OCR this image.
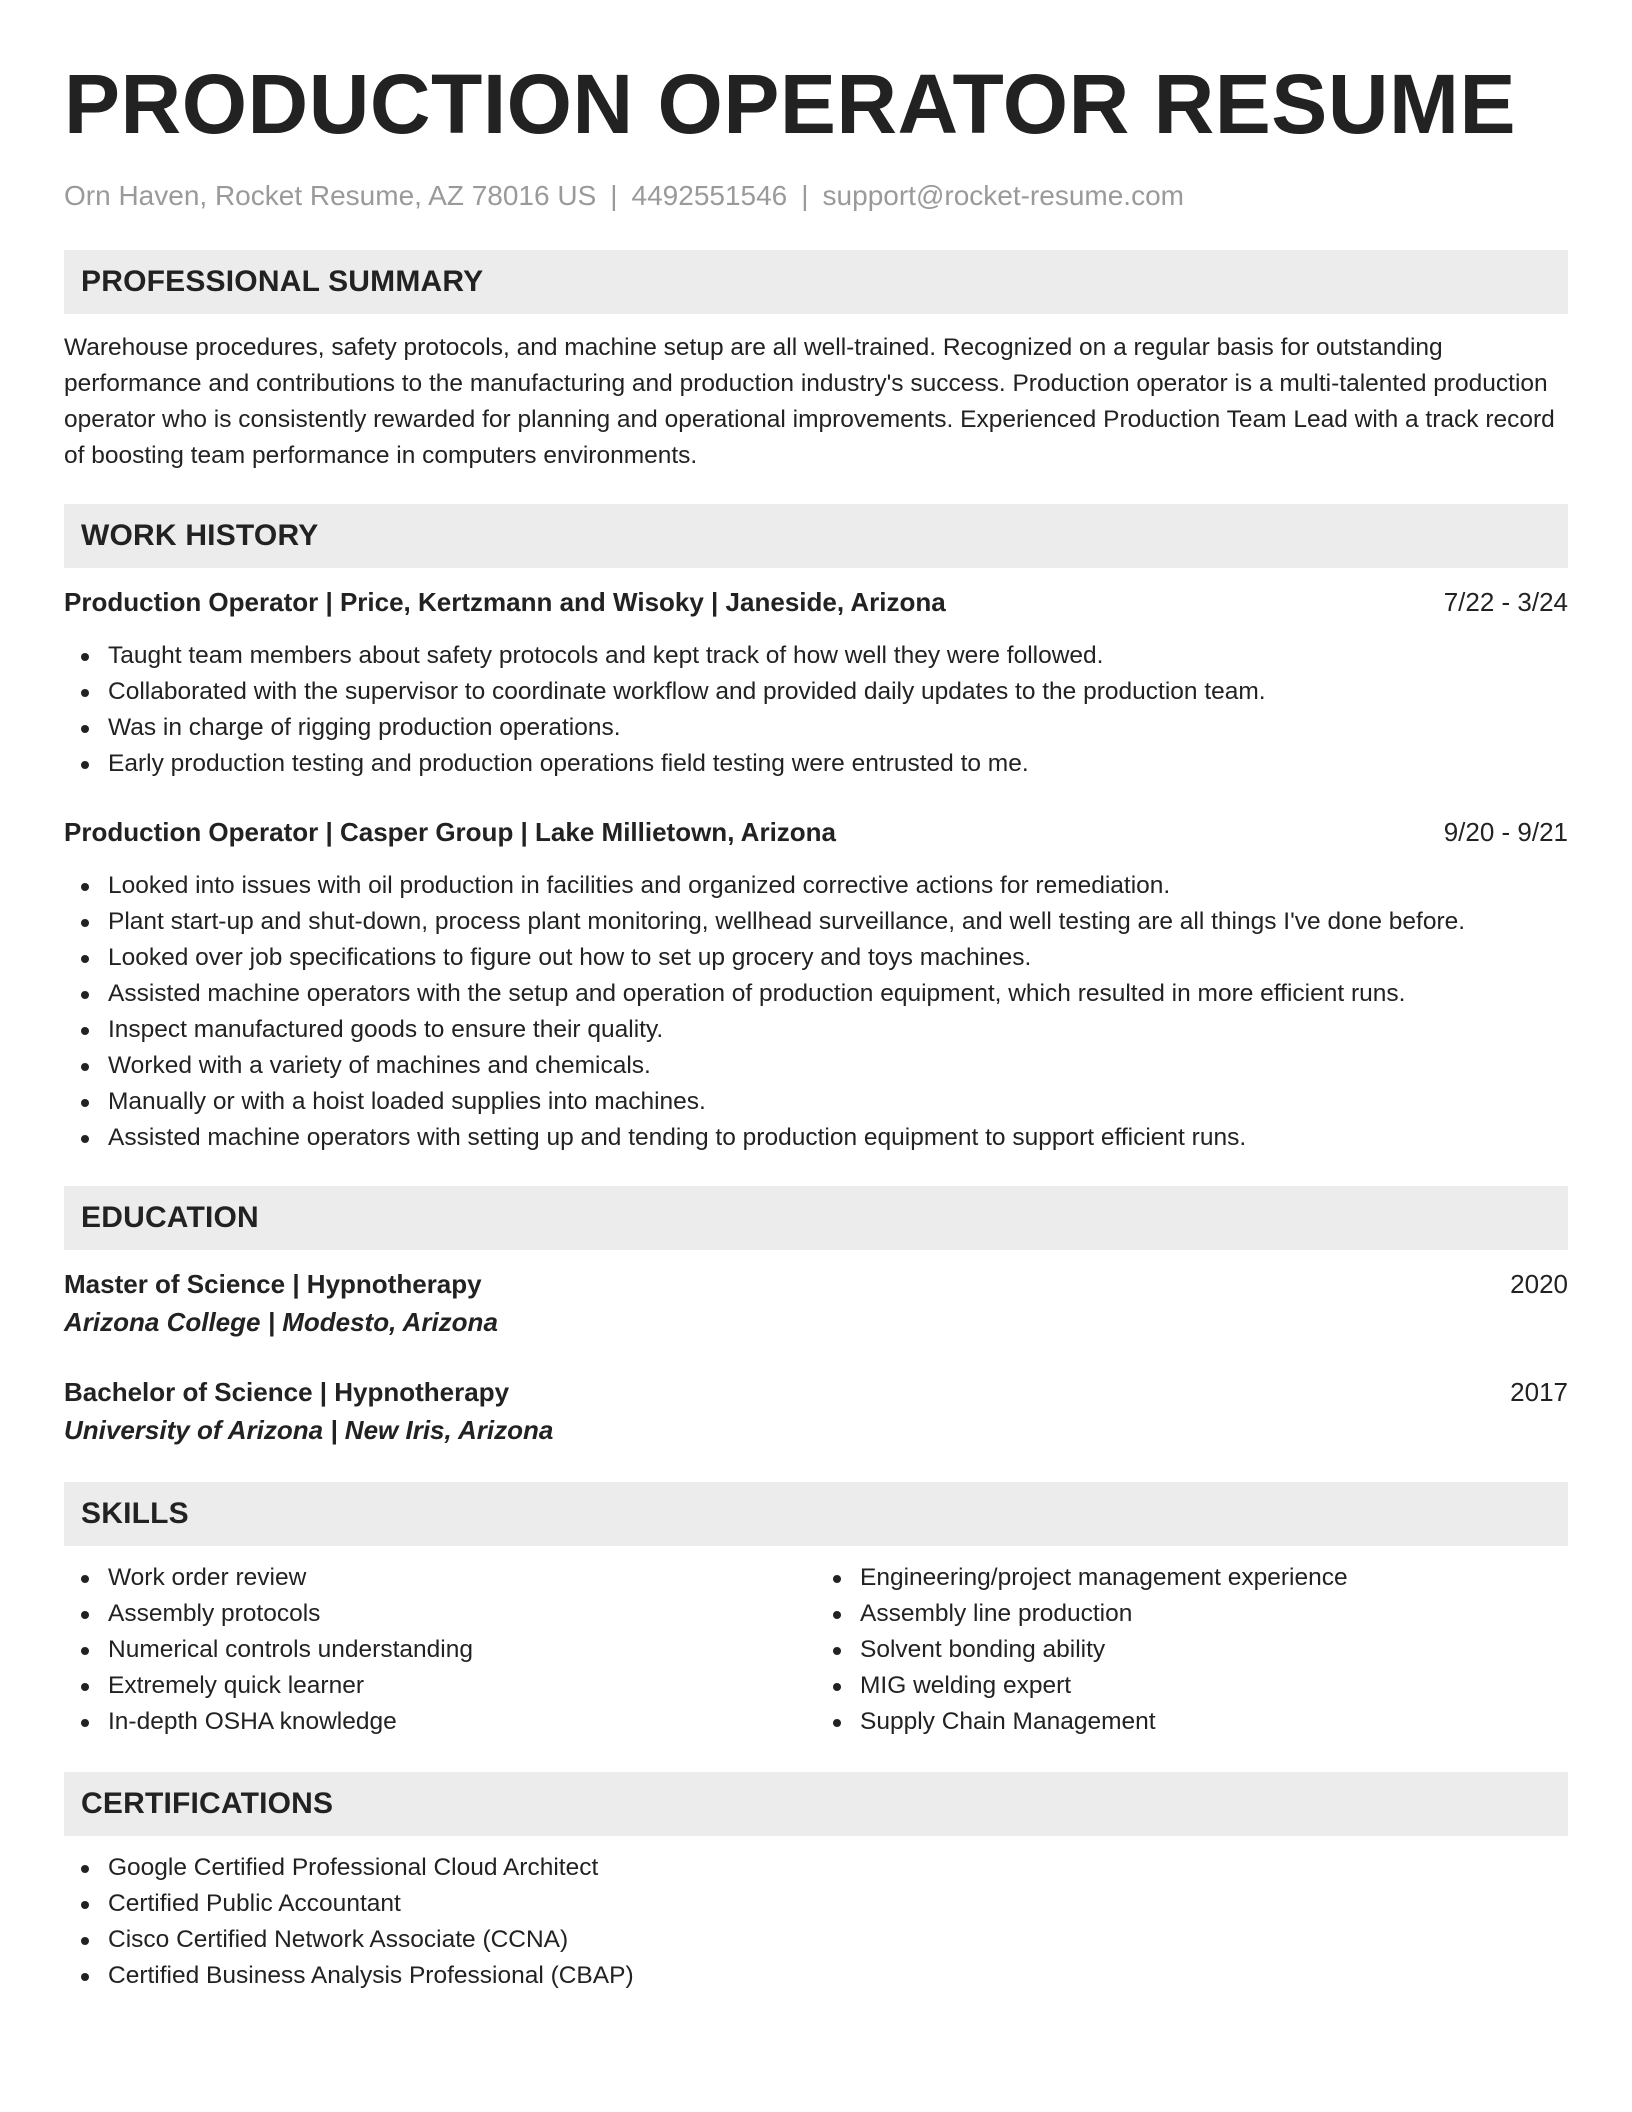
PRODUCTION OPERATOR RESUME
Orn Haven, Rocket Resume, AZ 78016 US | 4492551546 | support@rocket-resume.com
PROFESSIONAL SUMMARY
Warehouse procedures, safety protocols, and machine setup are all well-trained. Recognized on a regular basis for outstanding performance and contributions to the manufacturing and production industry's success. Production operator is a multi-talented production operator who is consistently rewarded for planning and operational improvements. Experienced Production Team Lead with a track record of boosting team performance in computers environments.
WORK HISTORY
Production Operator | Price, Kertzmann and Wisoky | Janeside, Arizona	7/22 - 3/24
Taught team members about safety protocols and kept track of how well they were followed.
Collaborated with the supervisor to coordinate workflow and provided daily updates to the production team.
Was in charge of rigging production operations.
Early production testing and production operations field testing were entrusted to me.
Production Operator | Casper Group | Lake Millietown, Arizona	9/20 - 9/21
Looked into issues with oil production in facilities and organized corrective actions for remediation.
Plant start-up and shut-down, process plant monitoring, wellhead surveillance, and well testing are all things I've done before.
Looked over job specifications to figure out how to set up grocery and toys machines.
Assisted machine operators with the setup and operation of production equipment, which resulted in more efficient runs.
Inspect manufactured goods to ensure their quality.
Worked with a variety of machines and chemicals.
Manually or with a hoist loaded supplies into machines.
Assisted machine operators with setting up and tending to production equipment to support efficient runs.
EDUCATION
Master of Science | Hypnotherapy	2020
Arizona College | Modesto, Arizona
Bachelor of Science | Hypnotherapy	2017
University of Arizona | New Iris, Arizona
SKILLS
Work order review
Assembly protocols
Numerical controls understanding
Extremely quick learner
In-depth OSHA knowledge
Engineering/project management experience
Assembly line production
Solvent bonding ability
MIG welding expert
Supply Chain Management
CERTIFICATIONS
Google Certified Professional Cloud Architect
Certified Public Accountant
Cisco Certified Network Associate (CCNA)
Certified Business Analysis Professional (CBAP)
